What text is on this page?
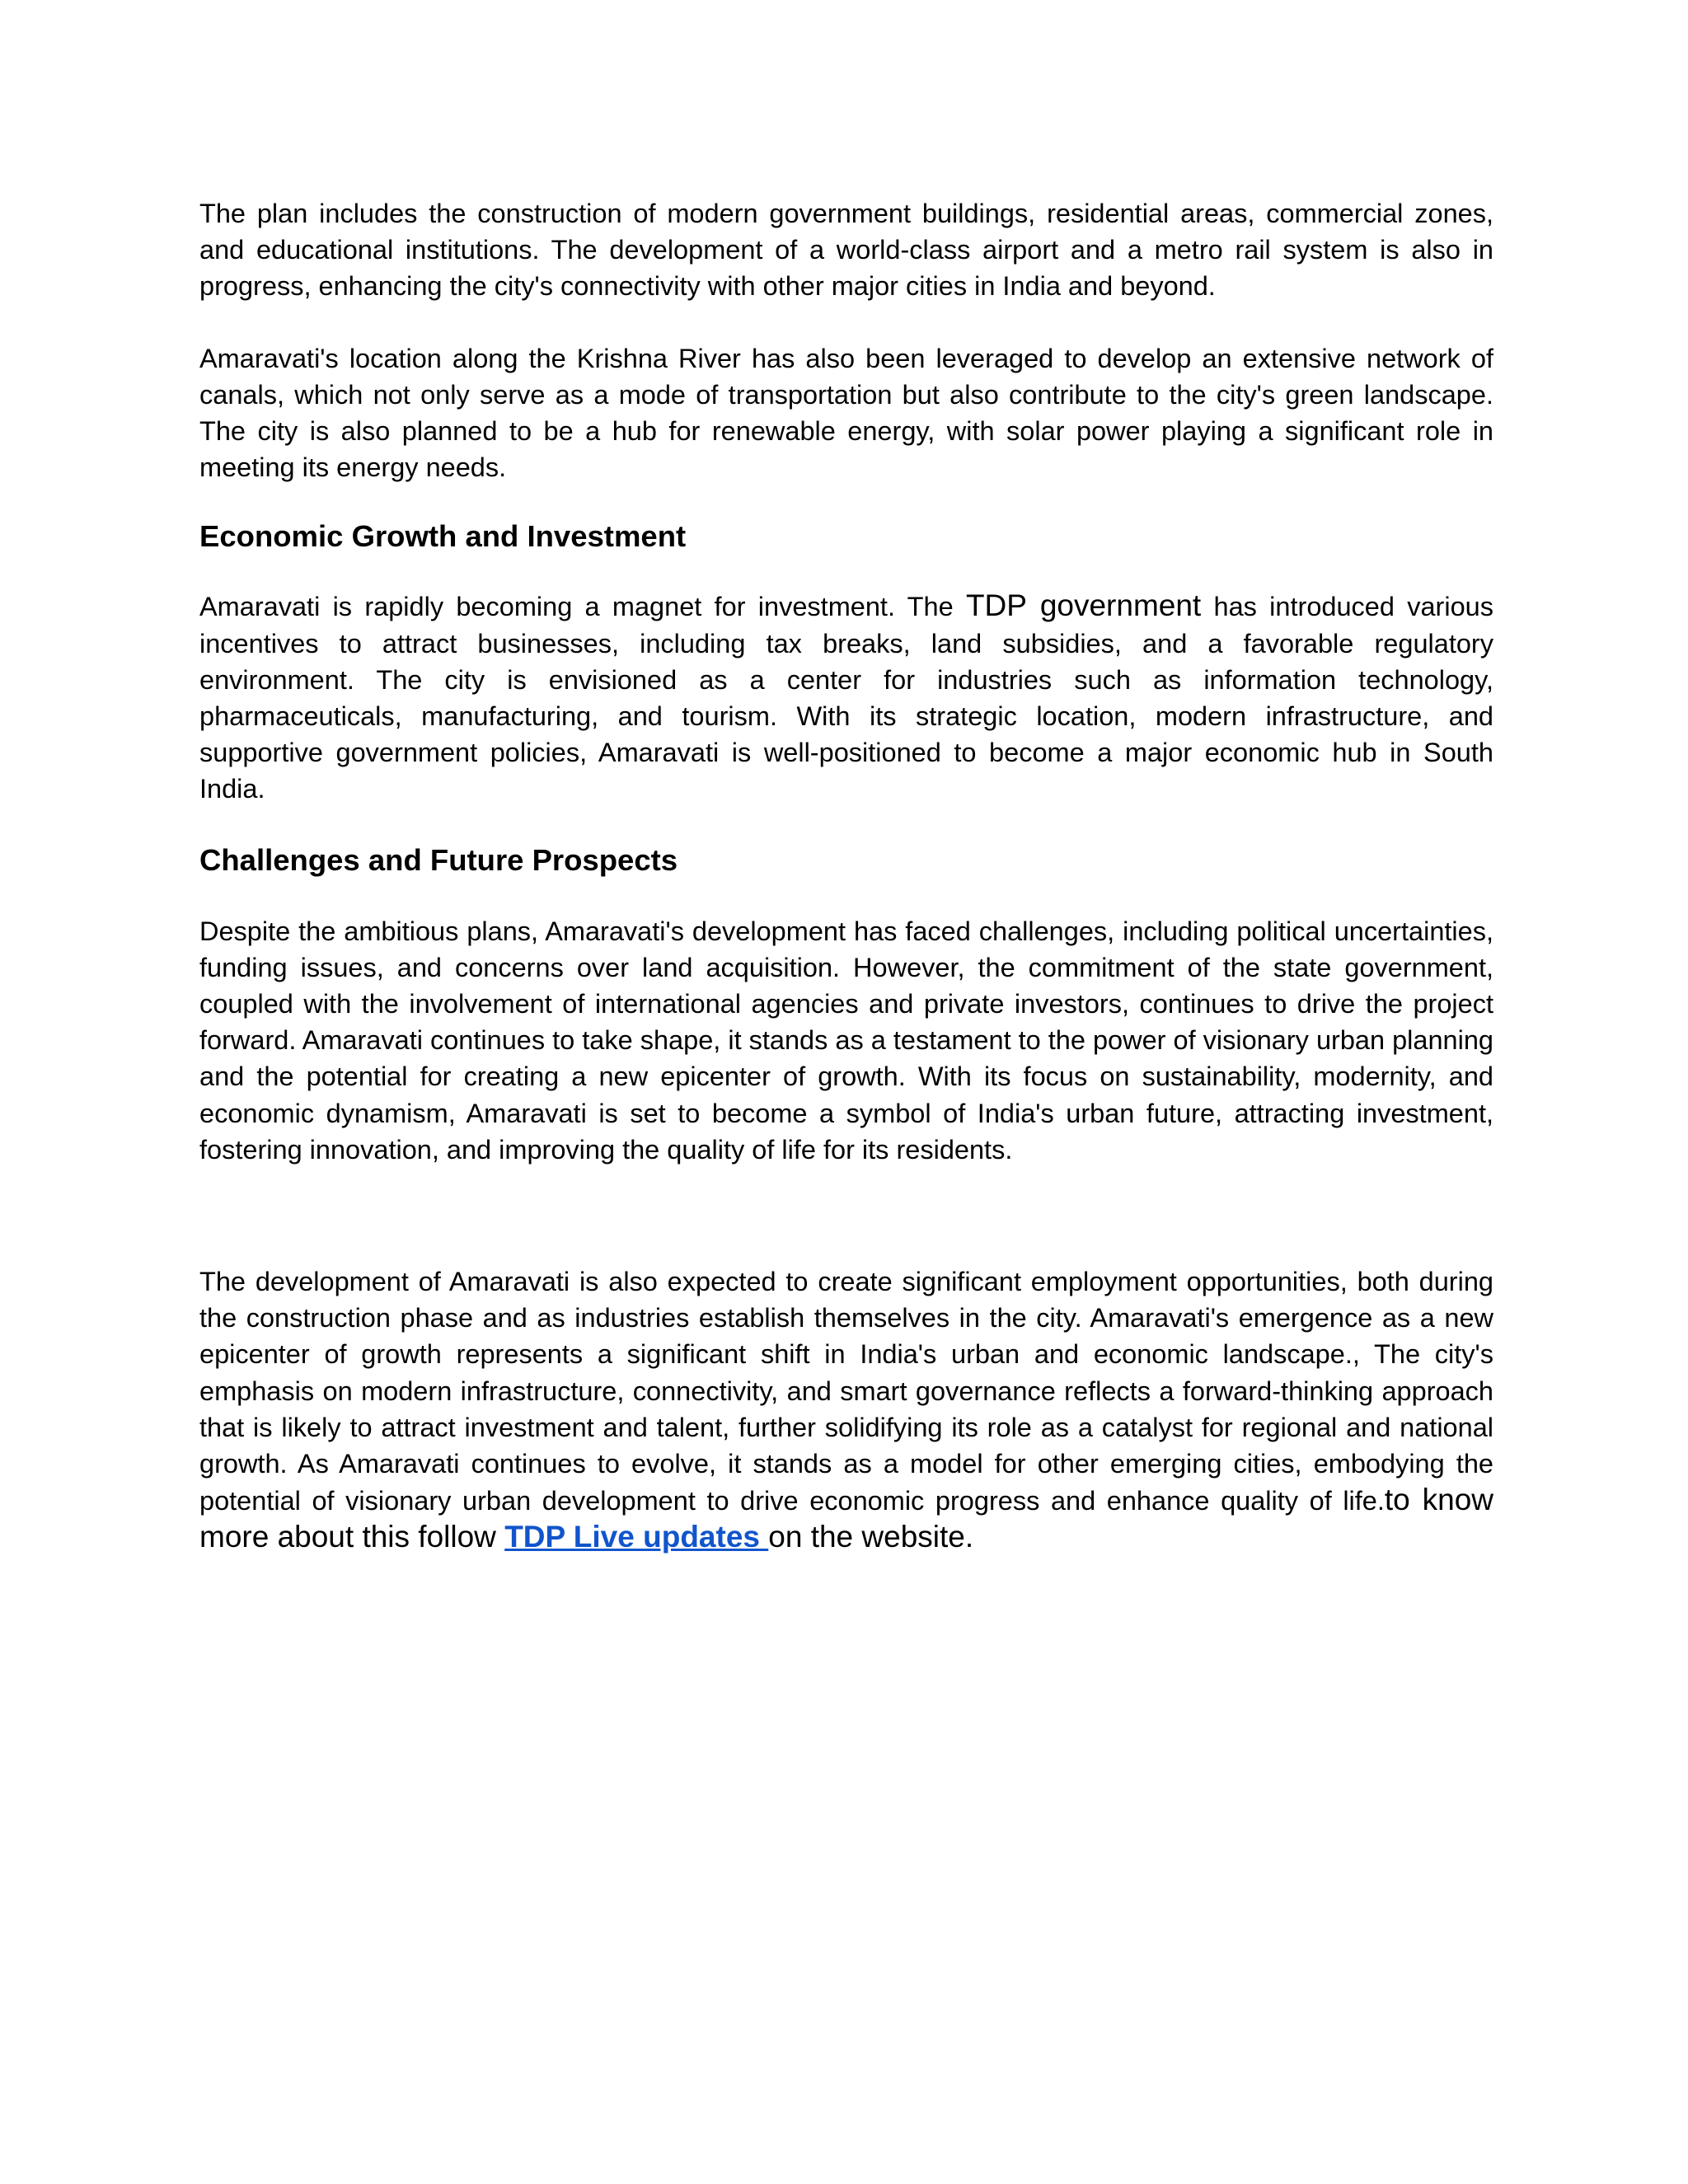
The plan includes the construction of modern government buildings, residential areas, commercial zones, and educational institutions. The development of a world-class airport and a metro rail system is also in progress, enhancing the city's connectivity with other major cities in India and beyond.

Amaravati's location along the Krishna River has also been leveraged to develop an extensive network of canals, which not only serve as a mode of transportation but also contribute to the city's green landscape. The city is also planned to be a hub for renewable energy, with solar power playing a significant role in meeting its energy needs.

Economic Growth and Investment

Amaravati is rapidly becoming a magnet for investment. The TDP government has introduced various incentives to attract businesses, including tax breaks, land subsidies, and a favorable regulatory environment. The city is envisioned as a center for industries such as information technology, pharmaceuticals, manufacturing, and tourism. With its strategic location, modern infrastructure, and supportive government policies, Amaravati is well-positioned to become a major economic hub in South India.

Challenges and Future Prospects

Despite the ambitious plans, Amaravati's development has faced challenges, including political uncertainties, funding issues, and concerns over land acquisition. However, the commitment of the state government, coupled with the involvement of international agencies and private investors, continues to drive the project forward. Amaravati continues to take shape, it stands as a testament to the power of visionary urban planning and the potential for creating a new epicenter of growth. With its focus on sustainability, modernity, and economic dynamism, Amaravati is set to become a symbol of India's urban future, attracting investment, fostering innovation, and improving the quality of life for its residents.

The development of Amaravati is also expected to create significant employment opportunities, both during the construction phase and as industries establish themselves in the city. Amaravati's emergence as a new epicenter of growth represents a significant shift in India's urban and economic landscape., The city's emphasis on modern infrastructure, connectivity, and smart governance reflects a forward-thinking approach that is likely to attract investment and talent, further solidifying its role as a catalyst for regional and national growth. As Amaravati continues to evolve, it stands as a model for other emerging cities, embodying the potential of visionary urban development to drive economic progress and enhance quality of life.to know more about this follow TDP Live updates on the website.
